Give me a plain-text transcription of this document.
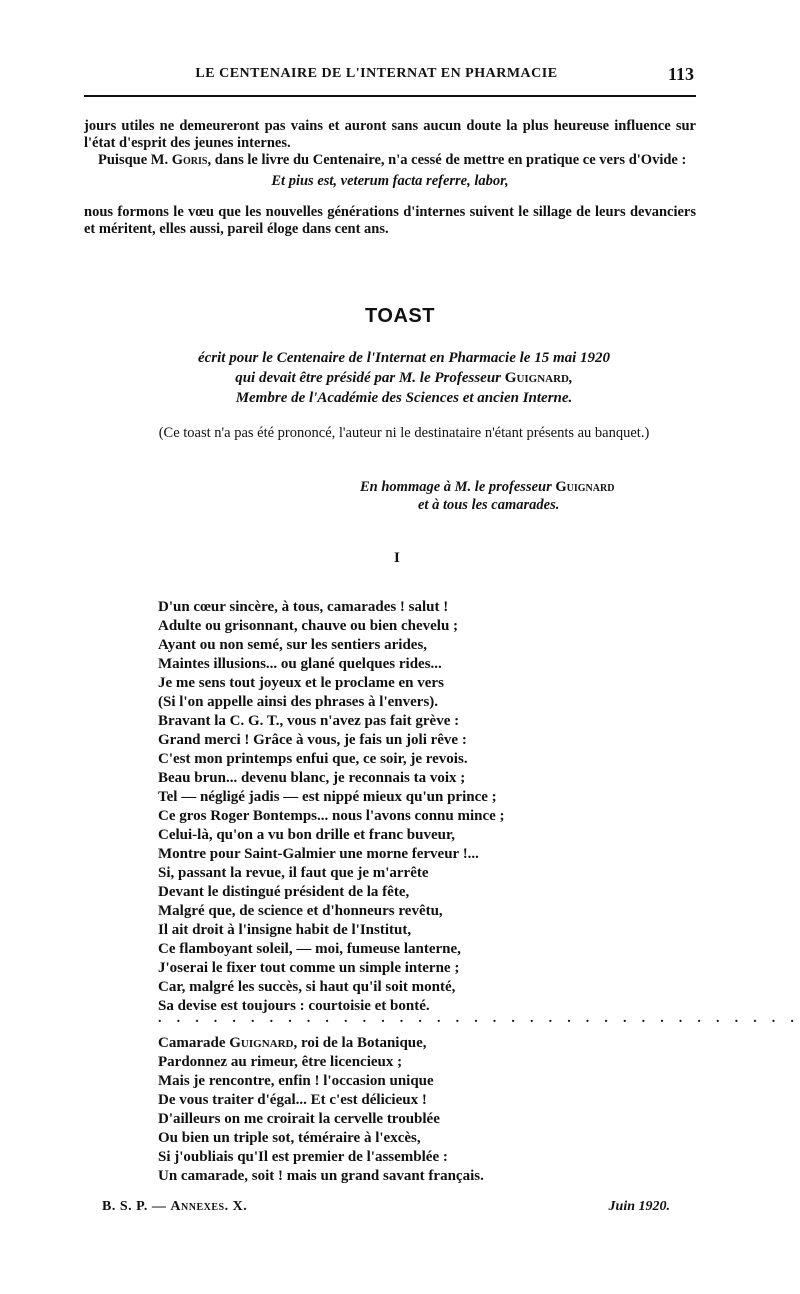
LE CENTENAIRE DE L'INTERNAT EN PHARMACIE	113

jours utiles ne demeureront pas vains et auront sans aucun doute la plus heureuse influence sur l'état d'esprit des jeunes internes.

Puisque M. Goris, dans le livre du Centenaire, n'a cessé de mettre en pratique ce vers d'Ovide :

Et pius est, veterum facta referre, labor,

nous formons le vœu que les nouvelles générations d'internes suivent le sillage de leurs devanciers et méritent, elles aussi, pareil éloge dans cent ans.

TOAST
écrit pour le Centenaire de l'Internat en Pharmacie le 15 mai 1920
qui devait être présidé par M. le Professeur Guignard,
Membre de l'Académie des Sciences et ancien Interne.
(Ce toast n'a pas été prononcé, l'auteur ni le destinataire n'étant présents au banquet.)
En hommage à M. le professeur Guignard
et à tous les camarades.
I
D'un cœur sincère, à tous, camarades ! salut !
Adulte ou grisonnant, chauve ou bien chevelu ;
Ayant ou non semé, sur les sentiers arides,
Maintes illusions... ou glané quelques rides...
Je me sens tout joyeux et le proclame en vers
(Si l'on appelle ainsi des phrases à l'envers).
Bravant la C. G. T., vous n'avez pas fait grève :
Grand merci ! Grâce à vous, je fais un joli rêve :
C'est mon printemps enfui que, ce soir, je revois.
Beau brun... devenu blanc, je reconnais ta voix ;
Tel — négligé jadis — est nippé mieux qu'un prince ;
Ce gros Roger Bontemps... nous l'avons connu mince ;
Celui-là, qu'on a vu bon drille et franc buveur,
Montre pour Saint-Galmier une morne ferveur !...
Si, passant la revue, il faut que je m'arrête
Devant le distingué président de la fête,
Malgré que, de science et d'honneurs revêtu,
Il ait droit à l'insigne habit de l'Institut,
Ce flamboyant soleil, — moi, fumeuse lanterne,
J'oserai le fixer tout comme un simple interne ;
Car, malgré les succès, si haut qu'il soit monté,
Sa devise est toujours : courtoisie et bonté.
. . . . . . . . . . . . . . . . . . . . . . . . . . . . . . . . . . .
Camarade Guignard, roi de la Botanique,
Pardonnez au rimeur, être licencieux ;
Mais je rencontre, enfin ! l'occasion unique
De vous traiter d'égal... Et c'est délicieux !
D'ailleurs on me croirait la cervelle troublée
Ou bien un triple sot, téméraire à l'excès,
Si j'oubliais qu'Il est premier de l'assemblée :
Un camarade, soit ! mais un grand savant français.
B. S. P. — Annexes. X.	Juin 1920.
